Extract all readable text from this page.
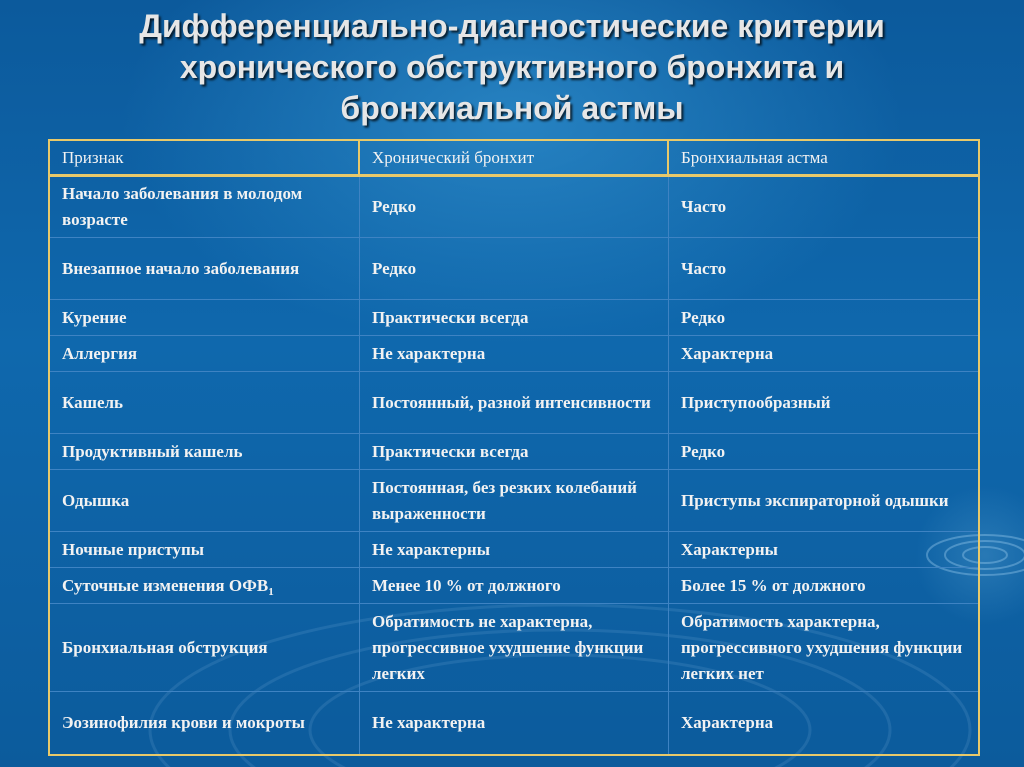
Дифференциально-диагностические критерии
хронического обструктивного бронхита и
бронхиальной астмы
Признак	Хронический бронхит	Бронхиальная астма
Начало заболевания в молодом возрасте	Редко	Часто
Внезапное начало заболевания	Редко	Часто
Курение	Практически всегда	Редко
Аллергия	Не характерна	Характерна
Кашель	Постоянный, разной интенсивности	Приступообразный
Продуктивный кашель	Практически всегда	Редко
Одышка	Постоянная, без резких колебаний выраженности	Приступы экспираторной одышки
Ночные приступы	Не характерны	Характерны
Суточные изменения $ОФВ_1$	Менее 10 % от должного	Более 15 % от должного
Бронхиальная обструкция	Обратимость не характерна, прогрессивное ухудшение функции легких	Обратимость характерна, прогрессивного ухудшения функции легких нет
Эозинофилия крови и мокроты	Не характерна	Характерна
